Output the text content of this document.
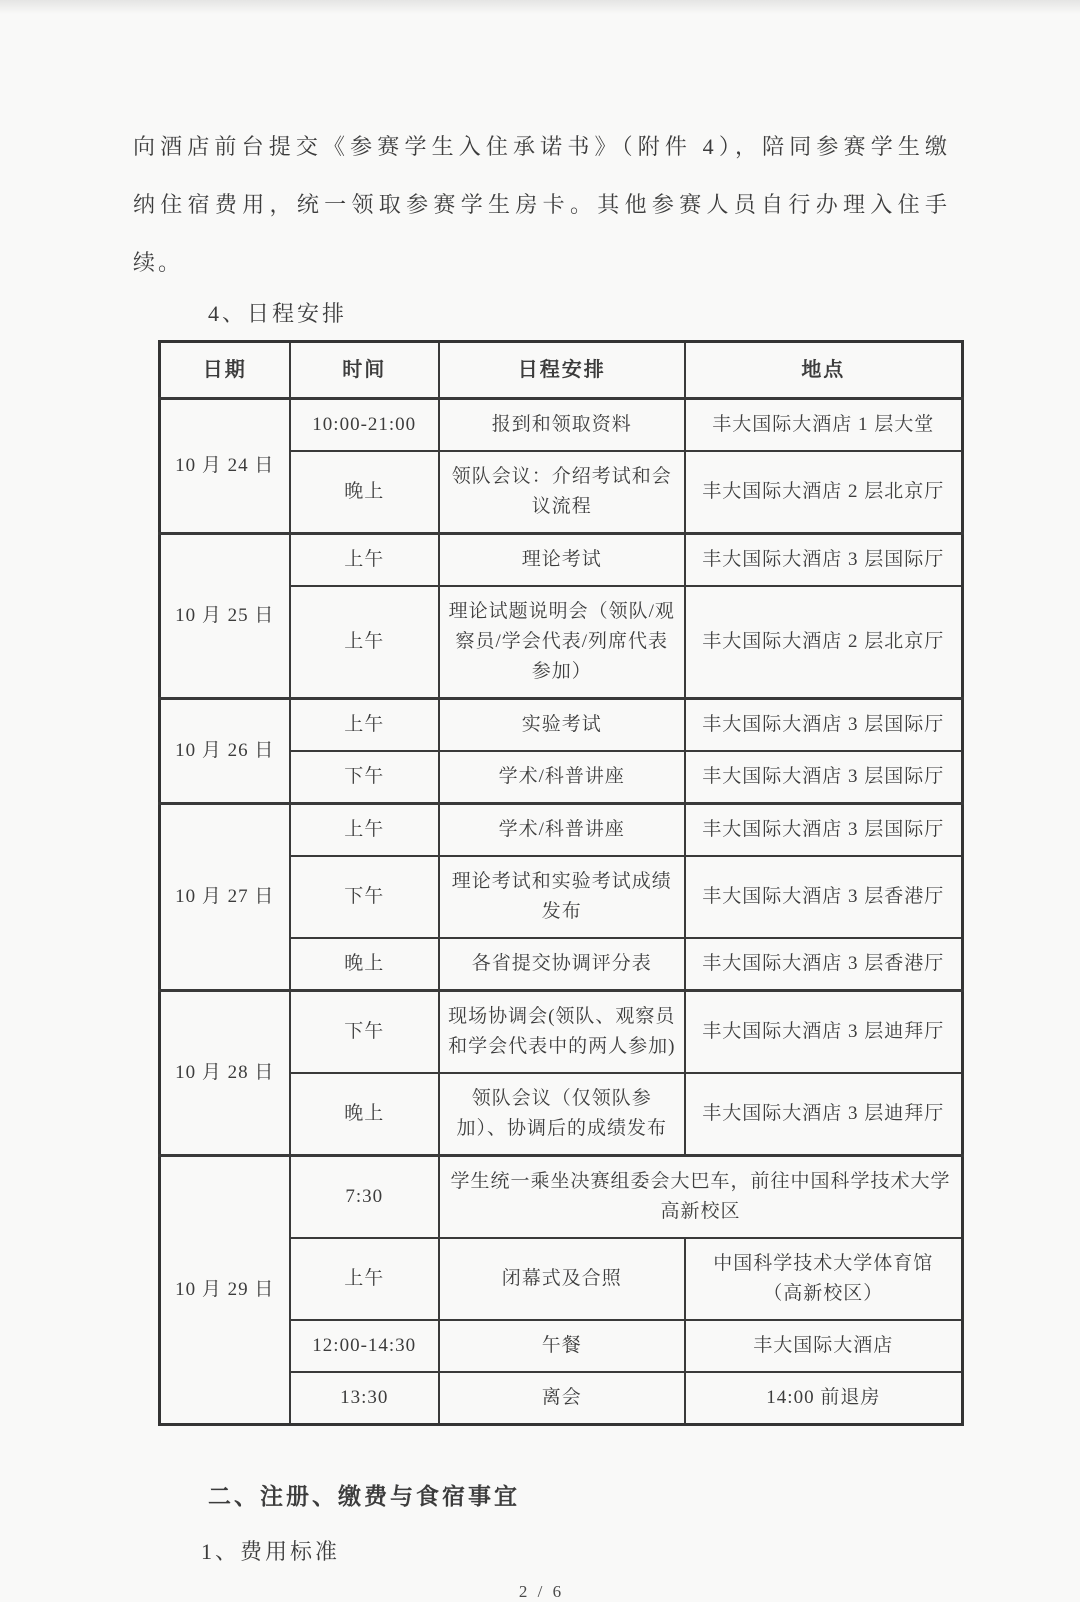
向酒店前台提交《参赛学生入住承诺书》（附件 4），陪同参赛学生缴
纳住宿费用，统一领取参赛学生房卡。其他参赛人员自行办理入住手
续。
4、日程安排
日期	时间	日程安排	地点
10 月 24 日	10:00-21:00	报到和领取资料	丰大国际大酒店 1 层大堂
	晚上	领队会议：介绍考试和会议流程	丰大国际大酒店 2 层北京厅
10 月 25 日	上午	理论考试	丰大国际大酒店 3 层国际厅
	上午	理论试题说明会（领队/观察员/学会代表/列席代表参加）	丰大国际大酒店 2 层北京厅
10 月 26 日	上午	实验考试	丰大国际大酒店 3 层国际厅
	下午	学术/科普讲座	丰大国际大酒店 3 层国际厅
10 月 27 日	上午	学术/科普讲座	丰大国际大酒店 3 层国际厅
	下午	理论考试和实验考试成绩发布	丰大国际大酒店 3 层香港厅
	晚上	各省提交协调评分表	丰大国际大酒店 3 层香港厅
10 月 28 日	下午	现场协调会(领队、观察员和学会代表中的两人参加)	丰大国际大酒店 3 层迪拜厅
	晚上	领队会议（仅领队参加）、协调后的成绩发布	丰大国际大酒店 3 层迪拜厅
10 月 29 日	7:30	学生统一乘坐决赛组委会大巴车，前往中国科学技术大学高新校区	
	上午	闭幕式及合照	中国科学技术大学体育馆（高新校区）
	12:00-14:30	午餐	丰大国际大酒店
	13:30	离会	14:00 前退房
二、注册、缴费与食宿事宜
1、费用标准
2 / 6
